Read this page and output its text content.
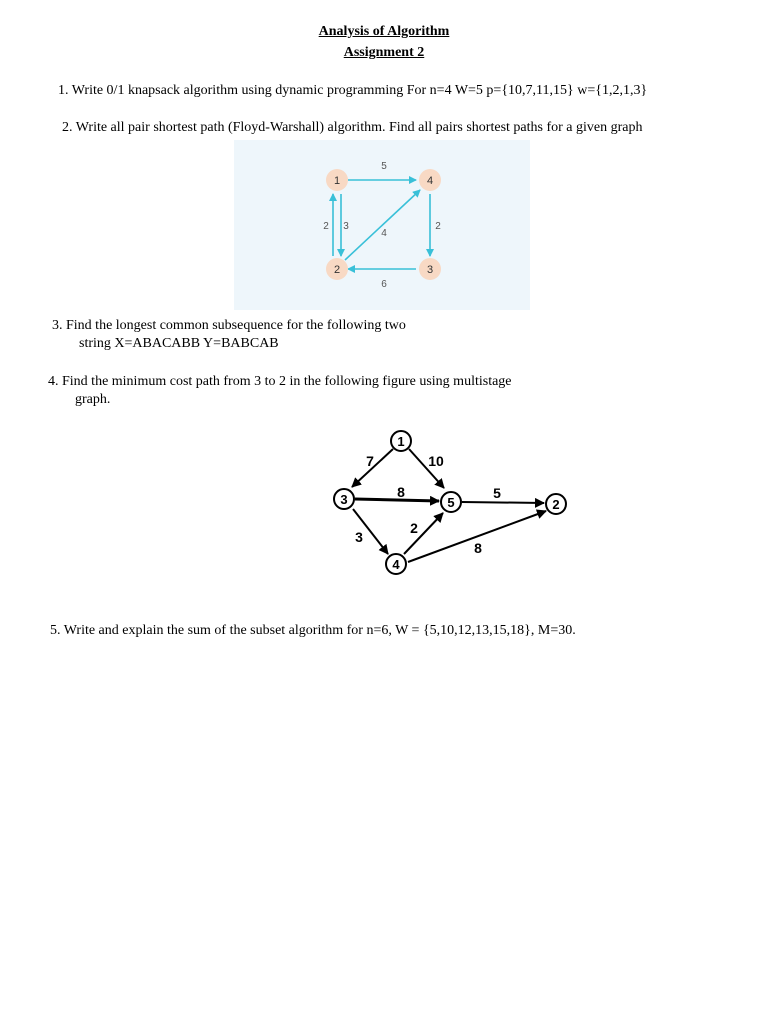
Analysis of Algorithm
Assignment 2
1. Write 0/1 knapsack algorithm using dynamic programming For n=4 W=5 p={10,7,11,15} w={1,2,1,3}
2. Write all pair shortest path (Floyd-Warshall) algorithm. Find all pairs shortest paths for a given graph
1	4
2	3
5
2
3
2
4
6
3. Find the longest common subsequence for the following two
string X=ABACABB Y=BABCAB
4. Find the minimum cost path from 3 to 2 in the following figure using multistage
graph.
1
3	5	2
4
7	10
8	5
2
3
8
5. Write and explain the sum of the subset algorithm for n=6, W = {5,10,12,13,15,18}, M=30.
